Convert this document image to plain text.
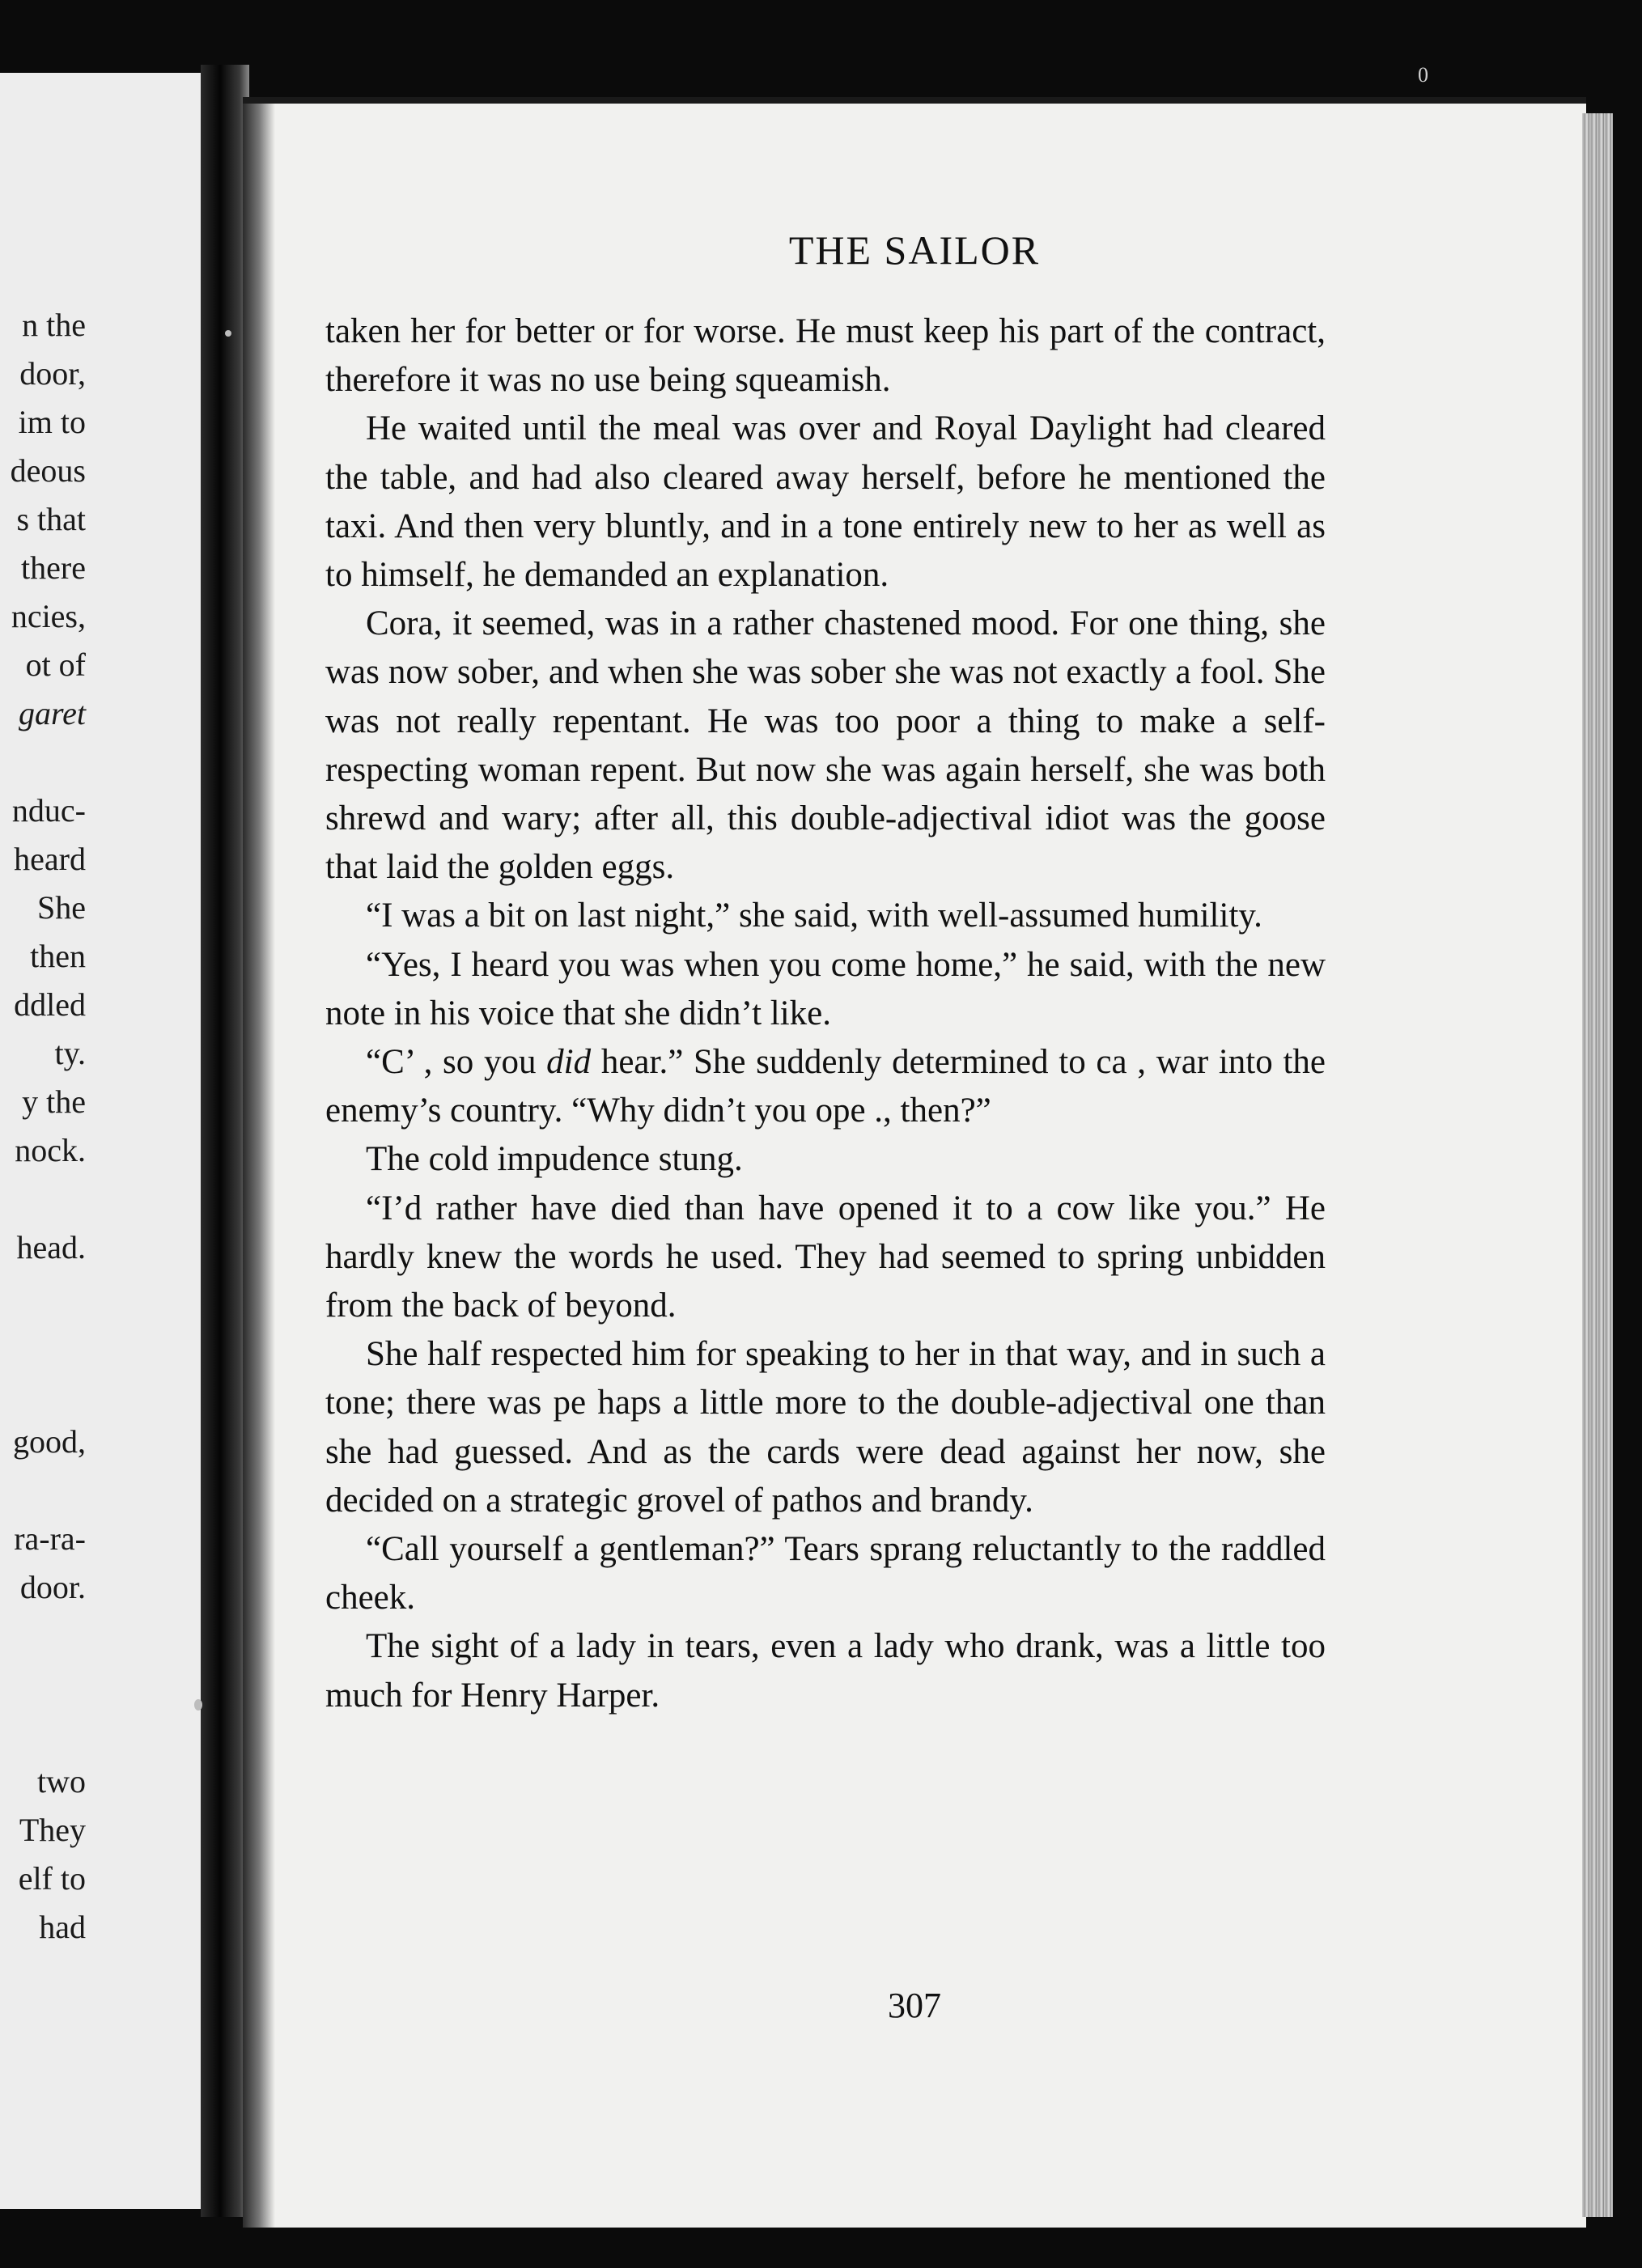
n the
door,
im to
deous
s that
there
ncies,
ot of
garet
nduc-
heard
She
then
ddled
ty.
y the
nock.
head.
good,
ra-ra-
door.
two
They
elf to
had
THE SAILOR

taken her for better or for worse. He must keep his part of the contract, therefore it was no use being squeamish.

He waited until the meal was over and Royal Daylight had cleared the table, and had also cleared away herself, before he mentioned the taxi. And then very bluntly, and in a tone entirely new to her as well as to himself, he demanded an explanation.

Cora, it seemed, was in a rather chastened mood. For one thing, she was now sober, and when she was sober she was not exactly a fool. She was not really repentant. He was too poor a thing to make a self-respecting woman repent. But now she was again herself, she was both shrewd and wary; after all, this double-adjectival idiot was the goose that laid the golden eggs.

“I was a bit on last night,” she said, with well-assumed humility.

“Yes, I heard you was when you come home,” he said, with the new note in his voice that she didn’t like.

“C’ , so you did hear.” She suddenly determined to ca , war into the enemy’s country. “Why didn’t you ope ., then?”

The cold impudence stung.

“I’d rather have died than have opened it to a cow like you.” He hardly knew the words he used. They had seemed to spring unbidden from the back of beyond.

She half respected him for speaking to her in that way, and in such a tone; there was pe haps a little more to the double-adjectival one than she had guessed. And as the cards were dead against her now, she decided on a strategic grovel of pathos and brandy.

“Call yourself a gentleman?” Tears sprang reluctantly to the raddled cheek.

The sight of a lady in tears, even a lady who drank, was a little too much for Henry Harper.

307
0
